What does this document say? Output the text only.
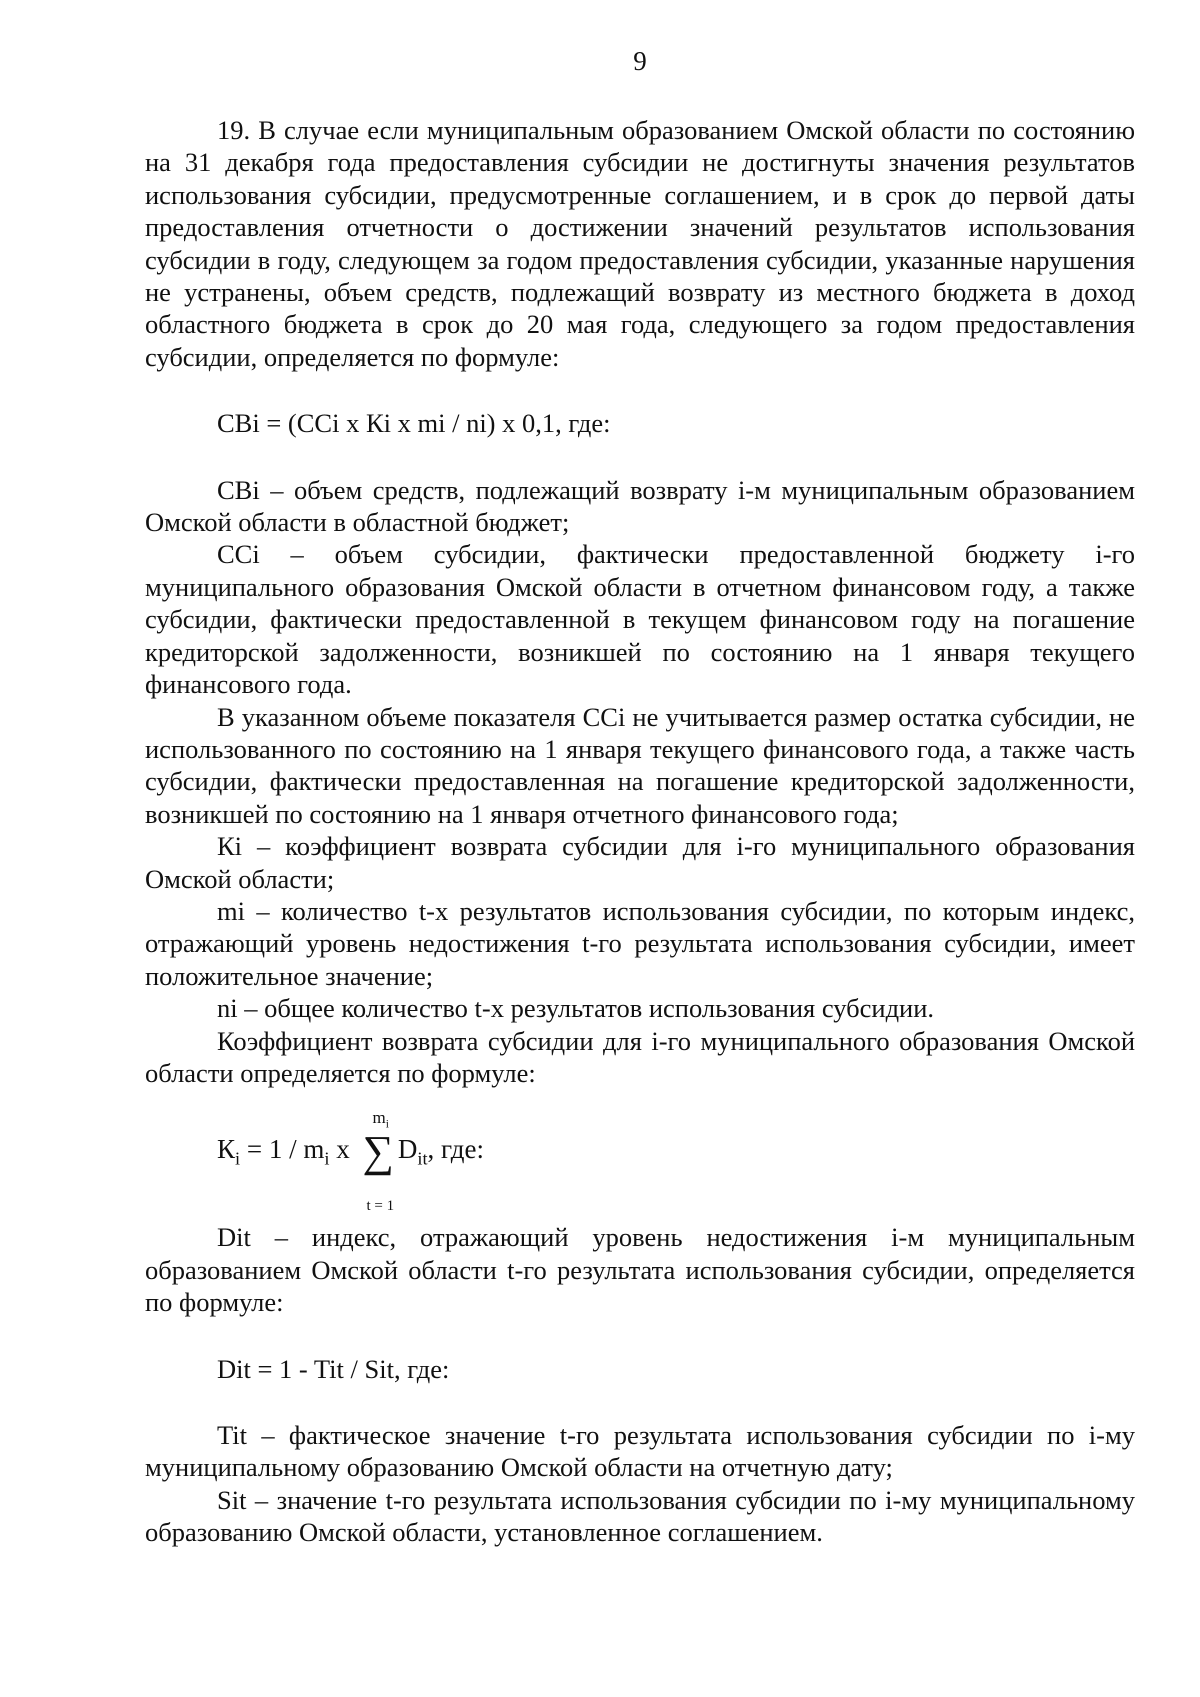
9

19. В случае если муниципальным образованием Омской области по состоянию на 31 декабря года предоставления субсидии не достигнуты значения результатов использования субсидии, предусмотренные соглашением, и в срок до первой даты предоставления отчетности о достижении значений результатов использования субсидии в году, следующем за годом предоставления субсидии, указанные нарушения не устранены, объем средств, подлежащий возврату из местного бюджета в доход областного бюджета в срок до 20 мая года, следующего за годом предоставления субсидии, определяется по формуле:

СВi = (ССi х Кi х mi / ni) х 0,1, где:

СВi – объем средств, подлежащий возврату i-м муниципальным образованием Омской области в областной бюджет;

ССi – объем субсидии, фактически предоставленной бюджету i-го муниципального образования Омской области в отчетном финансовом году, а также субсидии, фактически предоставленной в текущем финансовом году на погашение кредиторской задолженности, возникшей по состоянию на 1 января текущего финансового года.

В указанном объеме показателя ССi не учитывается размер остатка субсидии, не использованного по состоянию на 1 января текущего финансового года, а также часть субсидии, фактически предоставленная на погашение кредиторской задолженности, возникшей по состоянию на 1 января отчетного финансового года;

Кi – коэффициент возврата субсидии для i-го муниципального образования Омской области;

mi – количество t-х результатов использования субсидии, по которым индекс, отражающий уровень недостижения t-го результата использования субсидии, имеет положительное значение;

ni – общее количество t-х результатов использования субсидии.

Коэффициент возврата субсидии для i-го муниципального образования Омской области определяется по формуле:

$К_i = 1 / m_i$ х
$m_i$
∑
t = 1
$D_{it}$, где:

Dit – индекс, отражающий уровень недостижения i-м муниципальным образованием Омской области t-го результата использования субсидии, определяется по формуле:

Dit = 1 - Tit / Sit, где:

Tit – фактическое значение t-го результата использования субсидии по i-му муниципальному образованию Омской области на отчетную дату;

Sit – значение t-го результата использования субсидии по i-му муниципальному образованию Омской области, установленное соглашением.
